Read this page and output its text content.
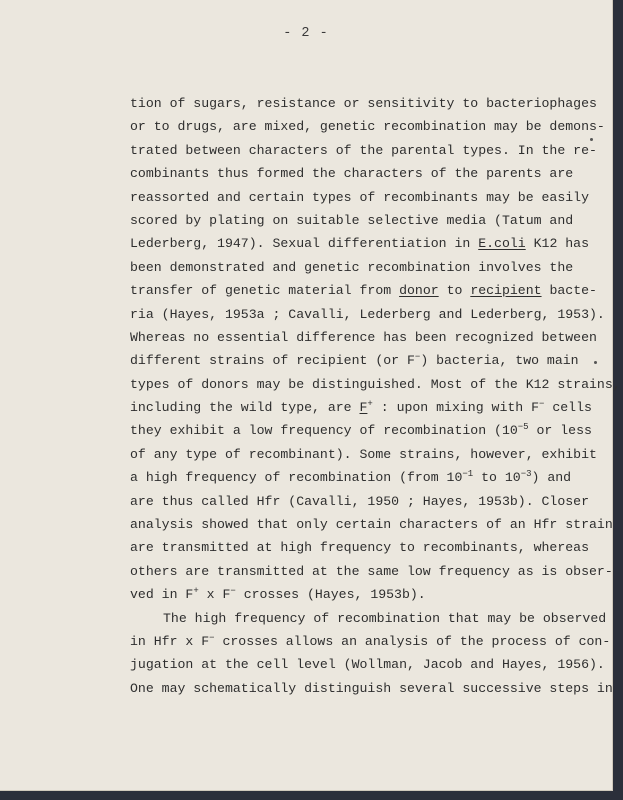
- 2 -
tion of sugars, resistance or sensitivity to bacteriophages
or to drugs, are mixed, genetic recombination may be demons-
trated between characters of the parental types. In the re-
combinants thus formed the characters of the parents are
reassorted and certain types of recombinants may be easily
scored by plating on suitable selective media (Tatum and
Lederberg, 1947). Sexual differentiation in E.coli K12 has
been demonstrated and genetic recombination involves the
transfer of genetic material from donor to recipient bacte-
ria (Hayes, 1953a ; Cavalli, Lederberg and Lederberg, 1953).
Whereas no essential difference has been recognized between
different strains of recipient (or F−) bacteria, two main
types of donors may be distinguished. Most of the K12 strains,
including the wild type, are F+ : upon mixing with F− cells
they exhibit a low frequency of recombination ($10^{-5}$ or less
of any type of recombinant). Some strains, however, exhibit
a high frequency of recombination (from $10^{-1}$ to $10^{-3}$) and
are thus called Hfr (Cavalli, 1950 ; Hayes, 1953b). Closer
analysis showed that only certain characters of an Hfr strain
are transmitted at high frequency to recombinants, whereas
others are transmitted at the same low frequency as is obser-
ved in F+ x F− crosses (Hayes, 1953b).
The high frequency of recombination that may be observed
in Hfr x F− crosses allows an analysis of the process of con-
jugation at the cell level (Wollman, Jacob and Hayes, 1956).
One may schematically distinguish several successive steps in
